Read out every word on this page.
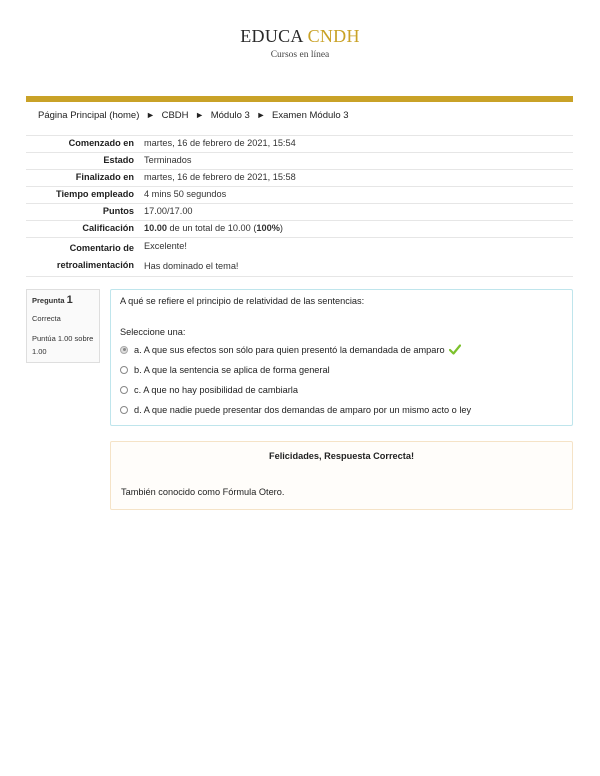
EDUCA CNDH
Cursos en línea
Página Principal (home) ► CBDH ► Módulo 3 ► Examen Módulo 3
Comenzado en	martes, 16 de febrero de 2021, 15:54
Estado	Terminados
Finalizado en	martes, 16 de febrero de 2021, 15:58
Tiempo empleado	4 mins 50 segundos
Puntos	17.00/17.00
Calificación	10.00 de un total de 10.00 (100%)
Comentario de
retroalimentación	Excelente!
Has dominado el tema!
Pregunta 1
Correcta
Puntúa 1.00 sobre 1.00

A qué se refiere el principio de relatividad de las sentencias:

Seleccione una:
a. A que sus efectos son sólo para quien presentó la demandada de amparo
b. A que la sentencia se aplica de forma general
c. A que no hay posibilidad de cambiarla
d. A que nadie puede presentar dos demandas de amparo por un mismo acto o ley
Felicidades, Respuesta Correcta!
También conocido como Fórmula Otero.
